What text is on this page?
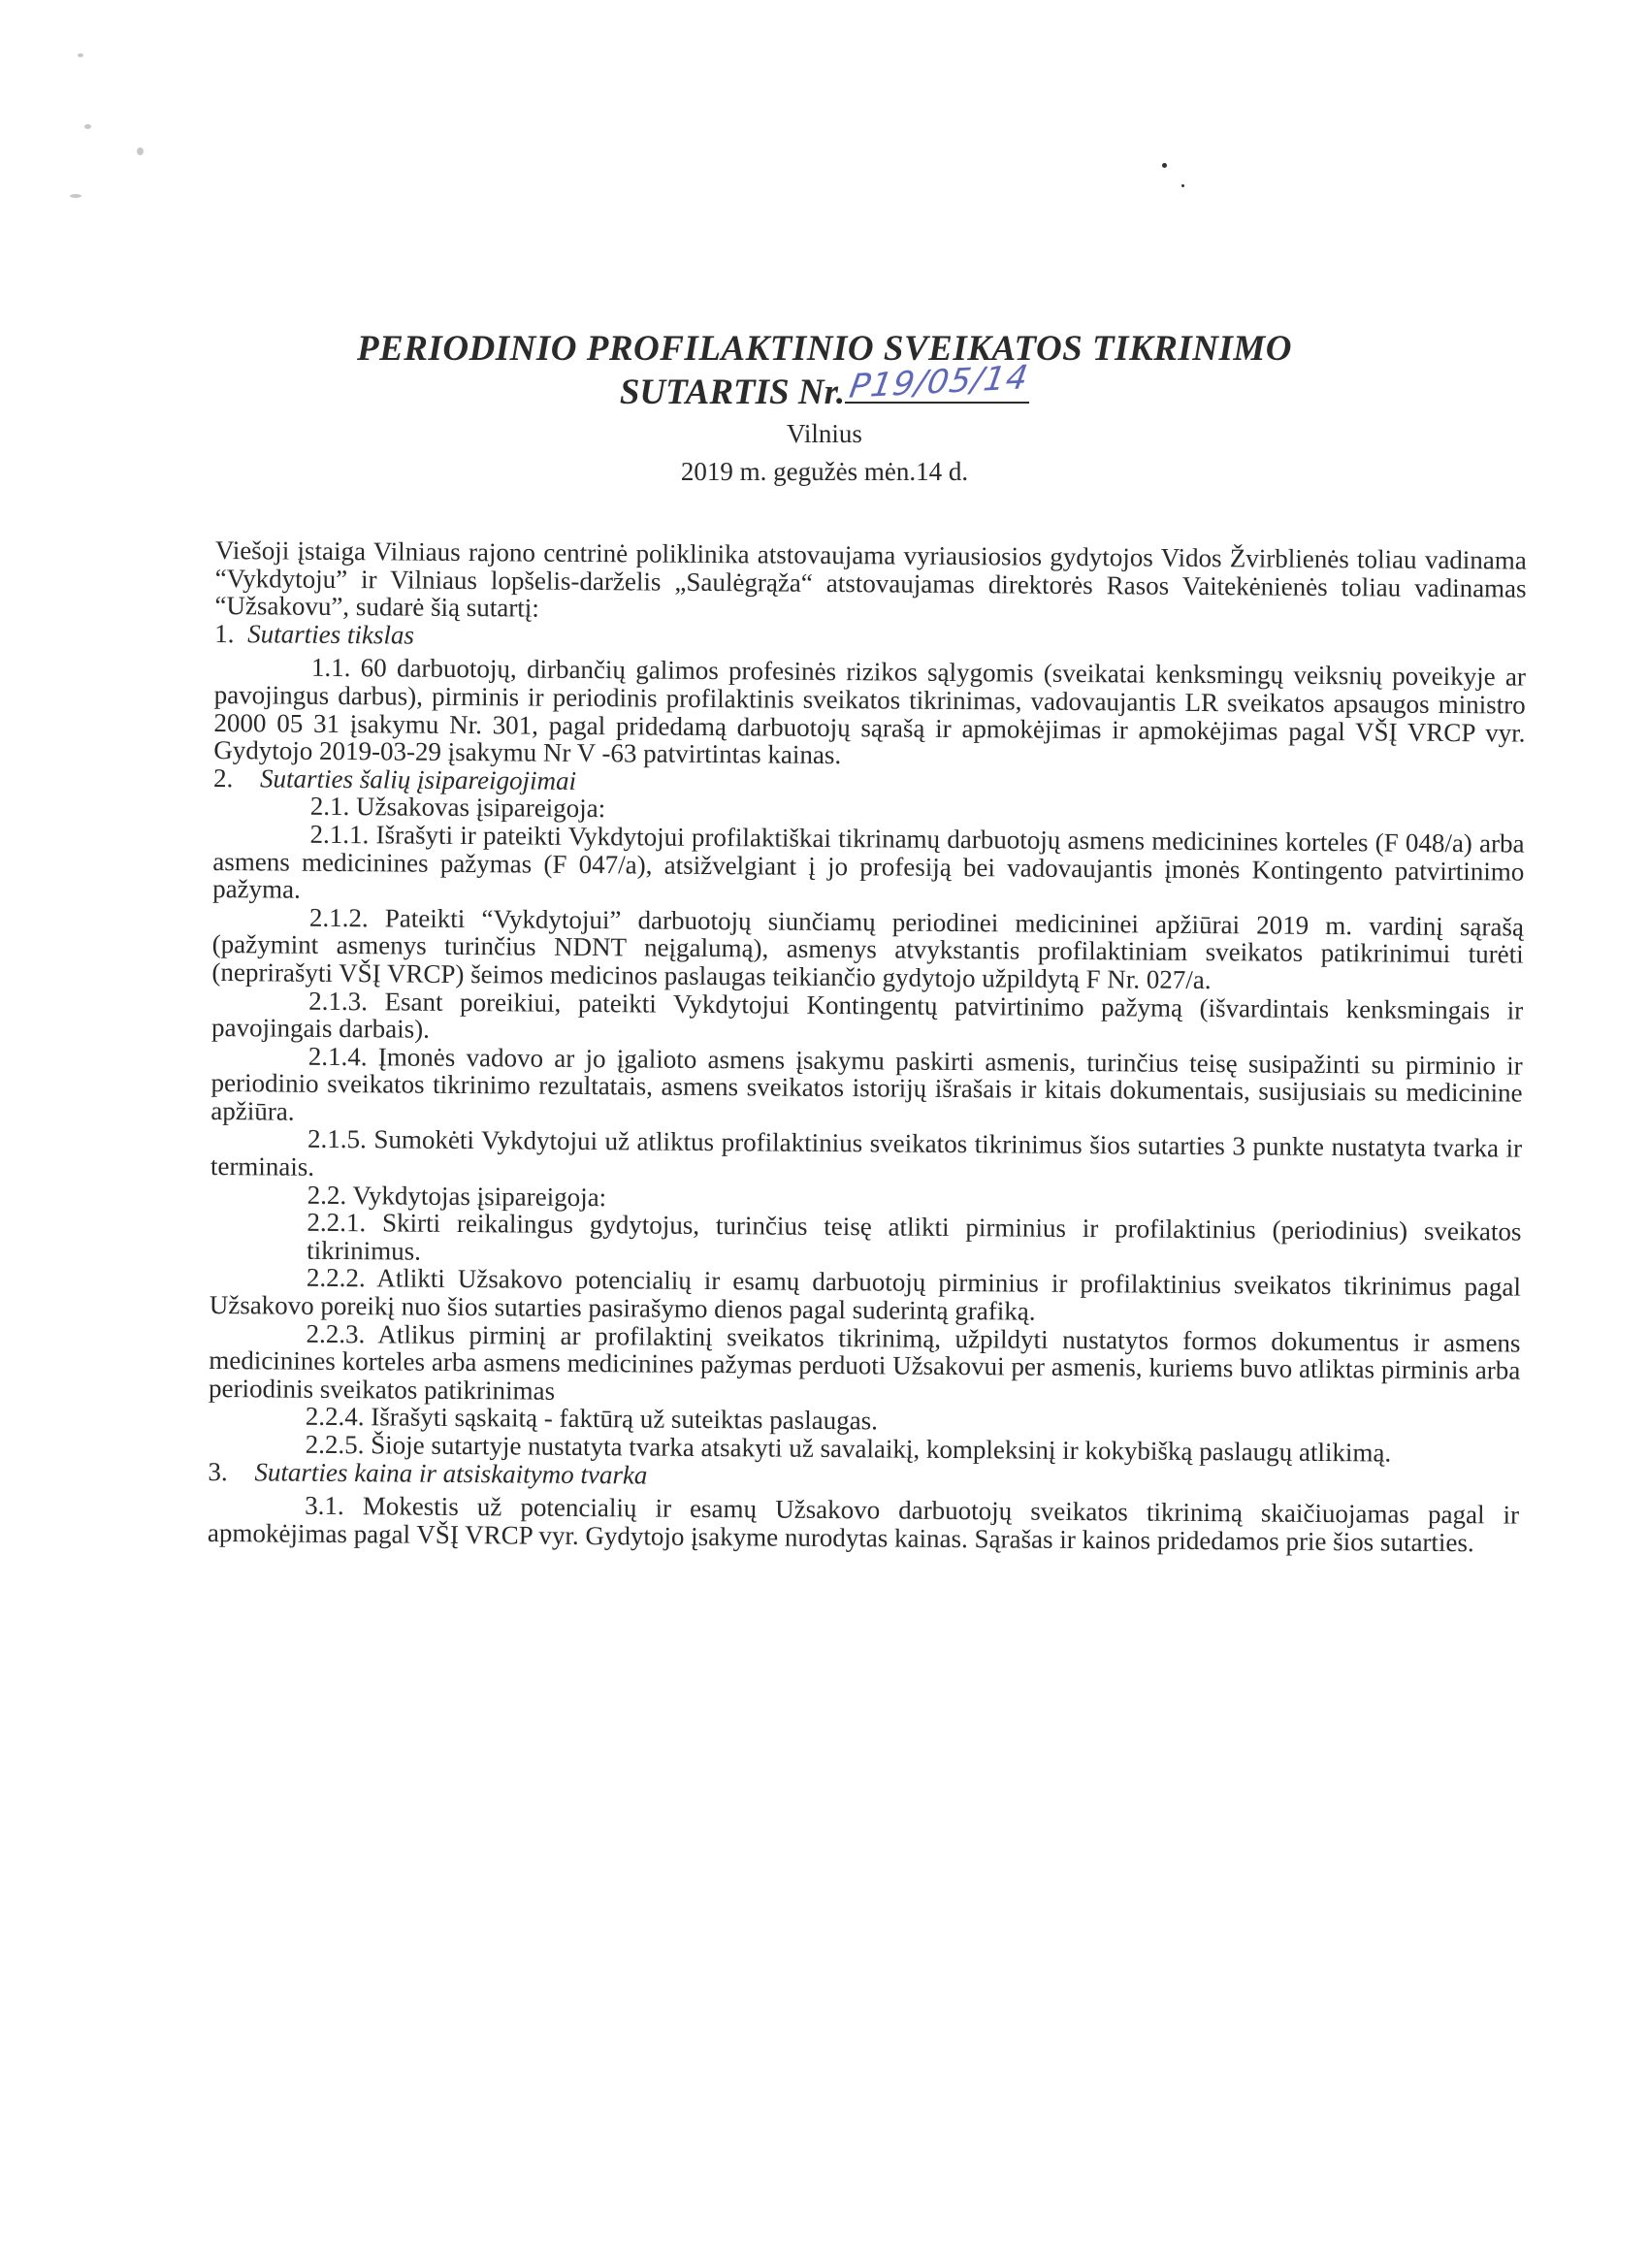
PERIODINIO PROFILAKTINIO SVEIKATOS TIKRINIMO
SUTARTIS Nr. P19/05/14
Vilnius
2019 m. gegužės mėn.14 d.

Viešoji įstaiga Vilniaus rajono centrinė poliklinika atstovaujama vyriausiosios gydytojos Vidos Žvirblienės toliau vadinama “Vykdytoju” ir Vilniaus lopšelis-darželis „Saulėgrąža“ atstovaujamas direktorės Rasos Vaitekėnienės toliau vadinamas “Užsakovu”, sudarė šią sutartį:

1. Sutarties tikslas

1.1. 60 darbuotojų, dirbančių galimos profesinės rizikos sąlygomis (sveikatai kenksmingų veiksnių poveikyje ar pavojingus darbus), pirminis ir periodinis profilaktinis sveikatos tikrinimas, vadovaujantis LR sveikatos apsaugos ministro 2000 05 31 įsakymu Nr. 301, pagal pridedamą darbuotojų sąrašą ir apmokėjimas ir apmokėjimas pagal VŠĮ VRCP vyr. Gydytojo 2019-03-29 įsakymu Nr V -63 patvirtintas kainas.

2. Sutarties šalių įsipareigojimai

2.1. Užsakovas įsipareigoja:

2.1.1. Išrašyti ir pateikti Vykdytojui profilaktiškai tikrinamų darbuotojų asmens medicinines korteles (F 048/a) arba asmens medicinines pažymas (F 047/a), atsižvelgiant į jo profesiją bei vadovaujantis įmonės Kontingento patvirtinimo pažyma.

2.1.2. Pateikti “Vykdytojui” darbuotojų siunčiamų periodinei medicininei apžiūrai 2019 m. vardinį sąrašą (pažymint asmenys turinčius NDNT neįgalumą), asmenys atvykstantis profilaktiniam sveikatos patikrinimui turėti (neprirašyti VŠĮ VRCP) šeimos medicinos paslaugas teikiančio gydytojo užpildytą F Nr. 027/a.

2.1.3. Esant poreikiui, pateikti Vykdytojui Kontingentų patvirtinimo pažymą (išvardintais kenksmingais ir pavojingais darbais).

2.1.4. Įmonės vadovo ar jo įgalioto asmens įsakymu paskirti asmenis, turinčius teisę susipažinti su pirminio ir periodinio sveikatos tikrinimo rezultatais, asmens sveikatos istorijų išrašais ir kitais dokumentais, susijusiais su medicinine apžiūra.

2.1.5. Sumokėti Vykdytojui už atliktus profilaktinius sveikatos tikrinimus šios sutarties 3 punkte nustatyta tvarka ir terminais.

2.2. Vykdytojas įsipareigoja:

2.2.1. Skirti reikalingus gydytojus, turinčius teisę atlikti pirminius ir profilaktinius (periodinius) sveikatos tikrinimus.

2.2.2. Atlikti Užsakovo potencialių ir esamų darbuotojų pirminius ir profilaktinius sveikatos tikrinimus pagal Užsakovo poreikį nuo šios sutarties pasirašymo dienos pagal suderintą grafiką.

2.2.3. Atlikus pirminį ar profilaktinį sveikatos tikrinimą, užpildyti nustatytos formos dokumentus ir asmens medicinines korteles arba asmens medicinines pažymas perduoti Užsakovui per asmenis, kuriems buvo atliktas pirminis arba periodinis sveikatos patikrinimas

2.2.4. Išrašyti sąskaitą - faktūrą už suteiktas paslaugas.

2.2.5. Šioje sutartyje nustatyta tvarka atsakyti už savalaikį, kompleksinį ir kokybišką paslaugų atlikimą.

3. Sutarties kaina ir atsiskaitymo tvarka

3.1. Mokestis už potencialių ir esamų Užsakovo darbuotojų sveikatos tikrinimą skaičiuojamas pagal ir apmokėjimas pagal VŠĮ VRCP vyr. Gydytojo įsakyme nurodytas kainas. Sąrašas ir kainos pridedamos prie šios sutarties.
